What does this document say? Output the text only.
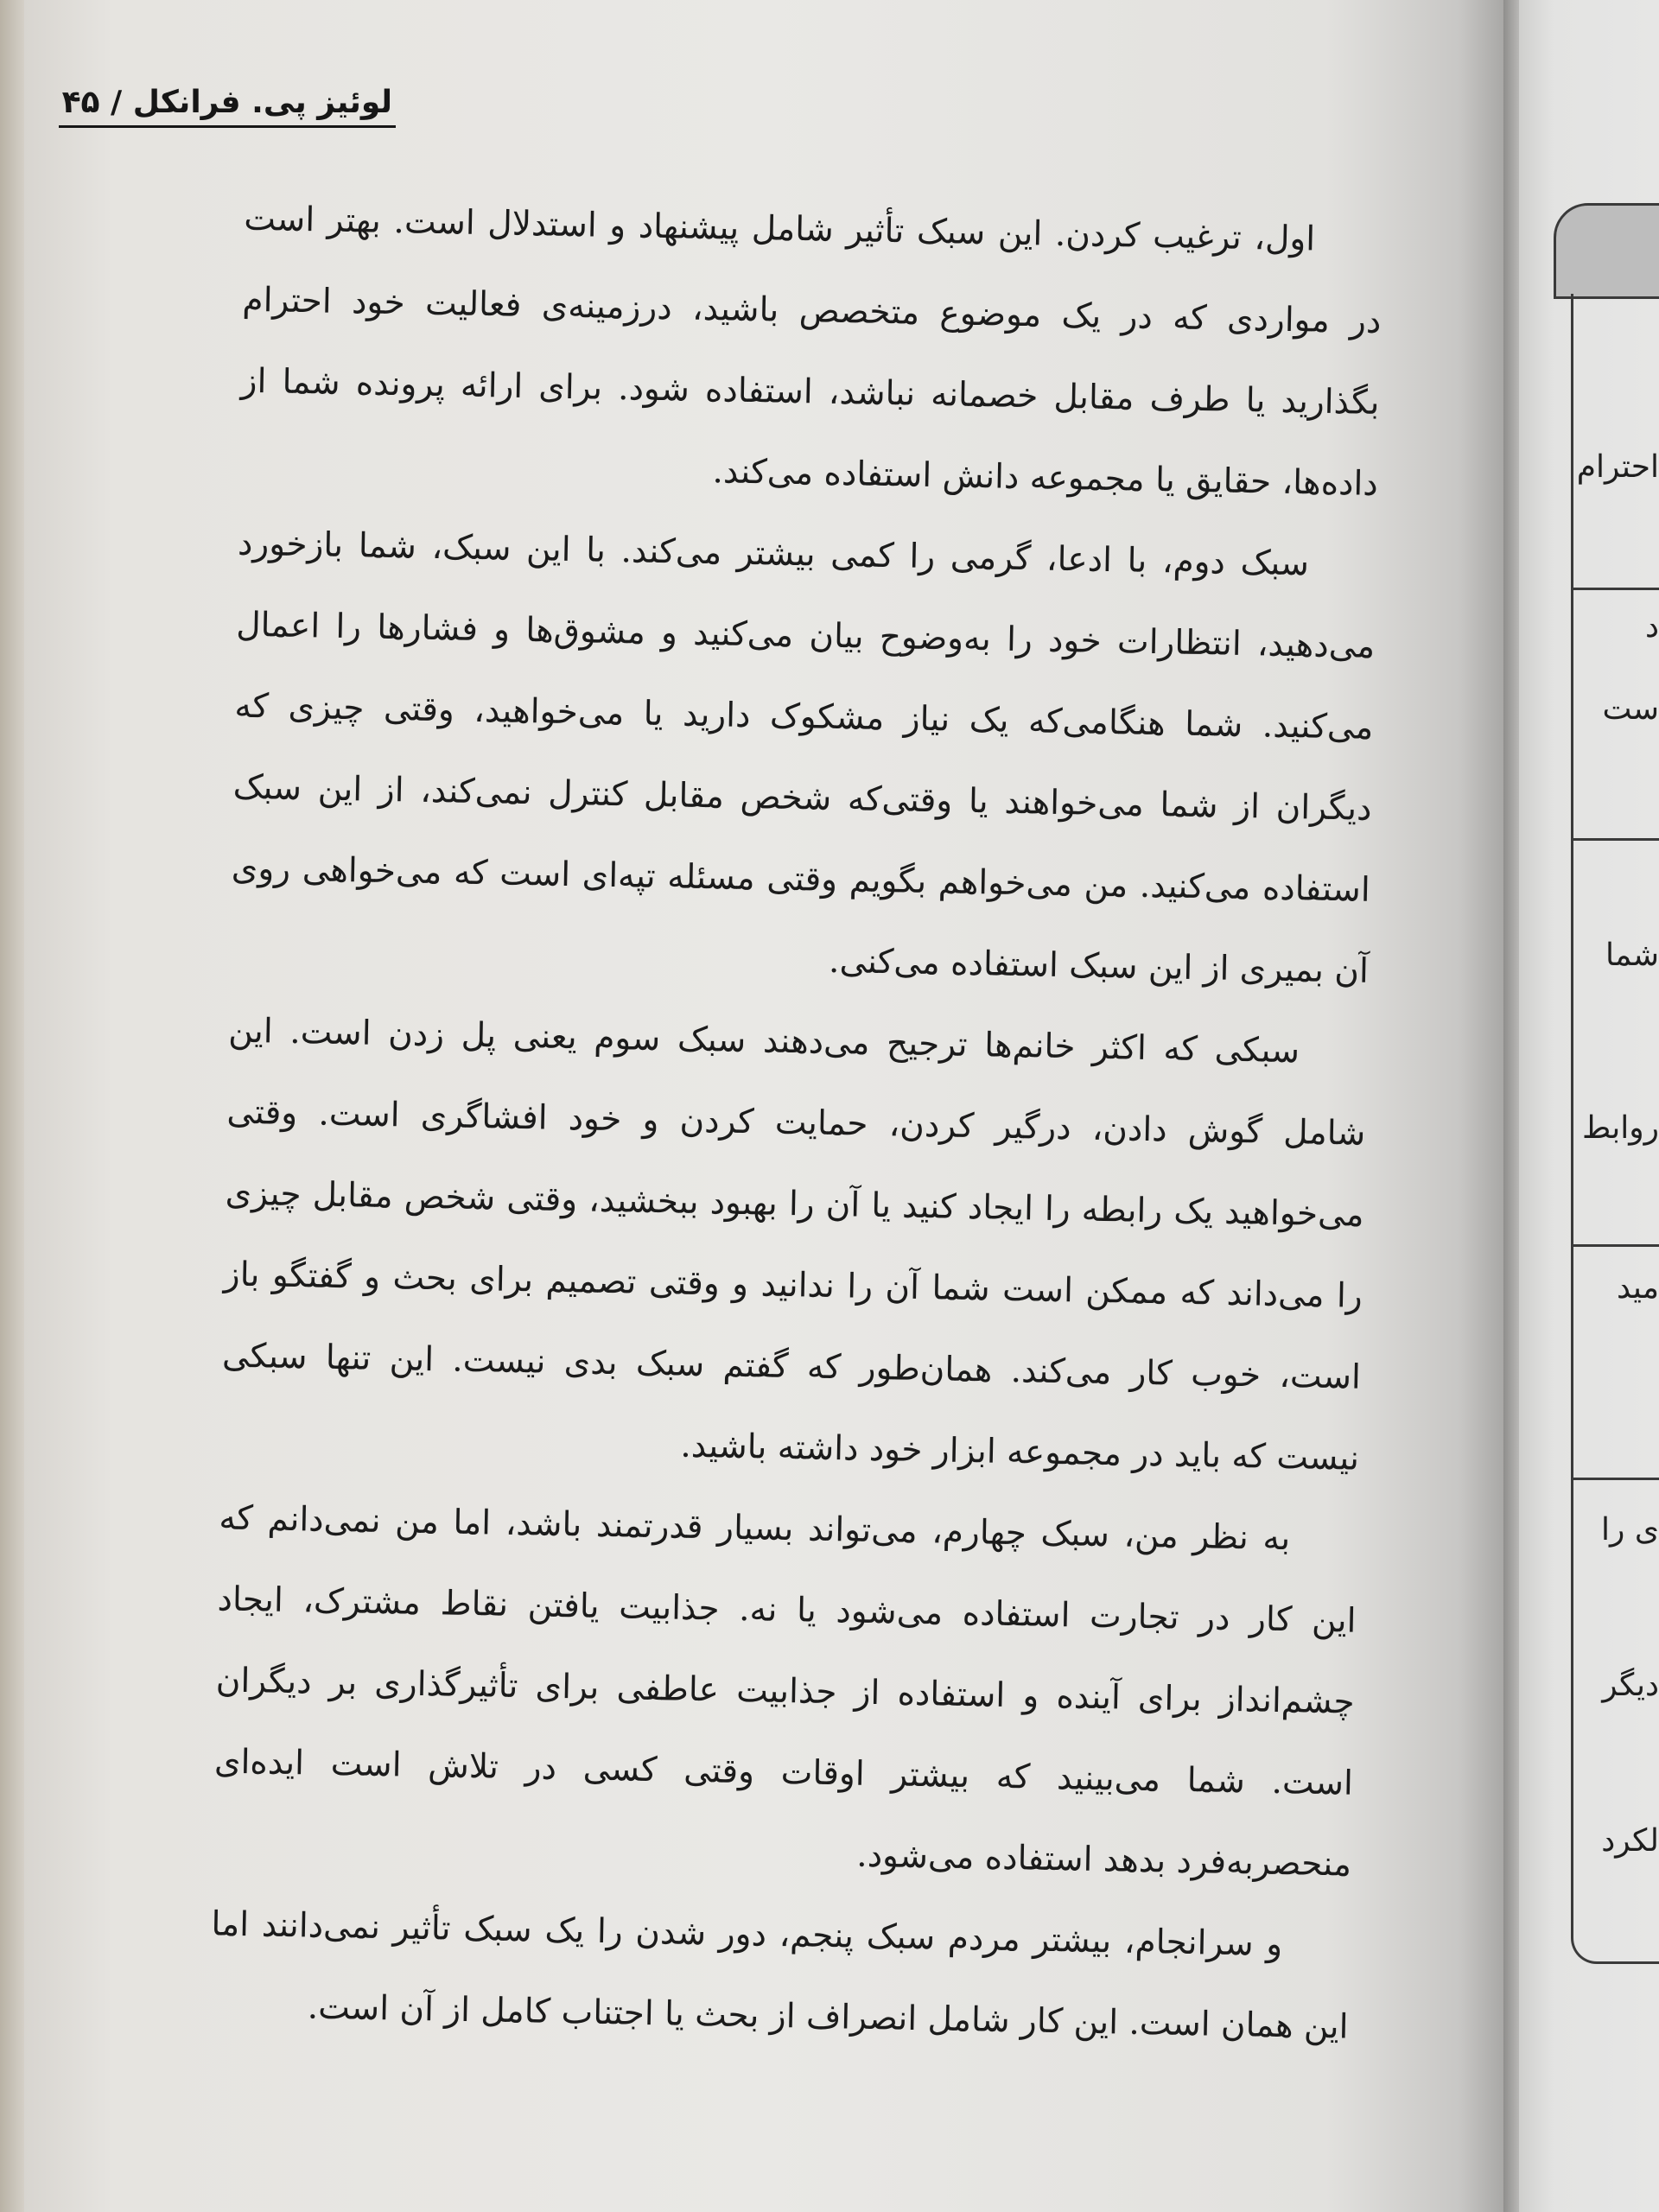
لوئیز پی. فرانکل / ۴۵

اول، ترغیب کردن. این سبک تأثیر شامل پیشنهاد و استدلال است. بهتر است در مواردی که در یک موضوع متخصص باشید، درزمینه‌ی فعالیت خود احترام بگذارید یا طرف مقابل خصمانه نباشد، استفاده شود. برای ارائه پرونده شما از داده‌ها، حقایق یا مجموعه دانش استفاده می‌کند.

سبک دوم، با ادعا، گرمی را کمی بیشتر می‌کند. با این سبک، شما بازخورد می‌دهید، انتظارات خود را به‌وضوح بیان می‌کنید و مشوق‌ها و فشارها را اعمال می‌کنید. شما هنگامی‌که یک نیاز مشکوک دارید یا می‌خواهید، وقتی چیزی که دیگران از شما می‌خواهند یا وقتی‌که شخص مقابل کنترل نمی‌کند، از این سبک استفاده می‌کنید. من می‌خواهم بگویم وقتی مسئله تپه‌ای است که می‌خواهی روی آن بمیری از این سبک استفاده می‌کنی.

سبکی که اکثر خانم‌ها ترجیح می‌دهند سبک سوم یعنی پل زدن است. این شامل گوش دادن، درگیر کردن، حمایت کردن و خود افشاگری است. وقتی می‌خواهید یک رابطه را ایجاد کنید یا آن را بهبود ببخشید، وقتی شخص مقابل چیزی را می‌داند که ممکن است شما آن را ندانید و وقتی تصمیم برای بحث و گفتگو باز است، خوب کار می‌کند. همان‌طور که گفتم سبک بدی نیست. این تنها سبکی نیست که باید در مجموعه ابزار خود داشته باشید.

به نظر من، سبک چهارم، می‌تواند بسیار قدرتمند باشد، اما من نمی‌دانم که این کار در تجارت استفاده می‌شود یا نه. جذابیت یافتن نقاط مشترک، ایجاد چشم‌انداز برای آینده و استفاده از جذابیت عاطفی برای تأثیرگذاری بر دیگران است. شما می‌بینید که بیشتر اوقات وقتی کسی در تلاش است ایده‌ای منحصربه‌فرد بدهد استفاده می‌شود.

و سرانجام، بیشتر مردم سبک پنجم، دور شدن را یک سبک تأثیر نمی‌دانند اما این همان است. این کار شامل انصراف از بحث یا اجتناب کامل از آن است.

احترام
د
ست
شما
روابط
مید
ی را
دیگر
لکرد
